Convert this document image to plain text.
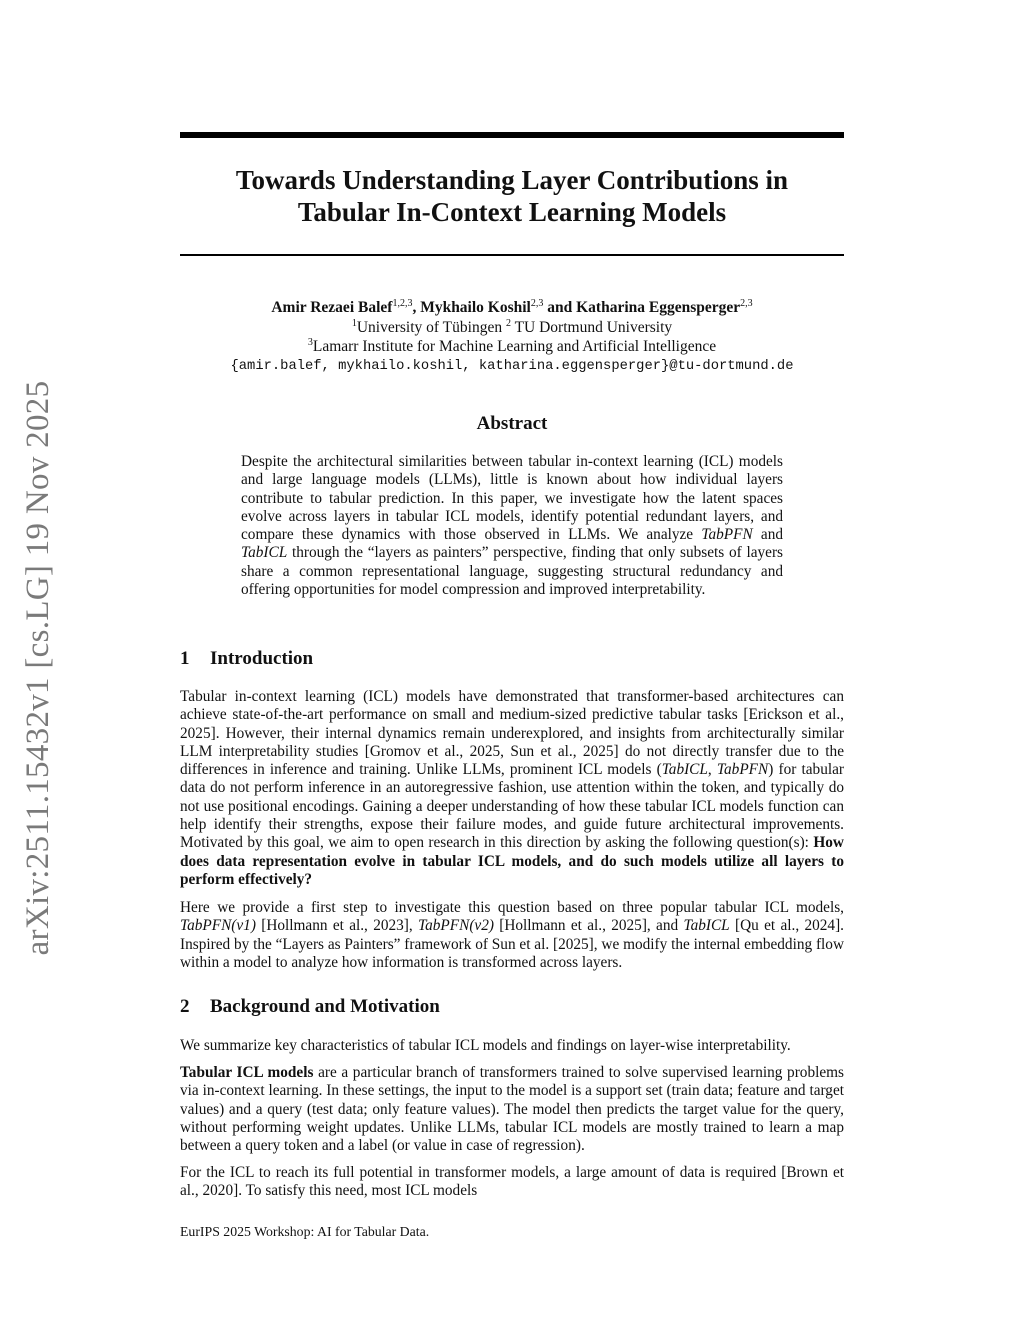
arXiv:2511.15432v1 [cs.LG] 19 Nov 2025
Towards Understanding Layer Contributions in
Tabular In-Context Learning Models
Amir Rezaei Balef$^{1,2,3}$, Mykhailo Koshil$^{2,3}$ and Katharina Eggensperger$^{2,3}$
$^1$University of Tübingen $^2$ TU Dortmund University
$^3$Lamarr Institute for Machine Learning and Artificial Intelligence
{amir.balef, mykhailo.koshil, katharina.eggensperger}@tu-dortmund.de
Abstract

Despite the architectural similarities between tabular in-context learning (ICL) models and large language models (LLMs), little is known about how individual layers contribute to tabular prediction. In this paper, we investigate how the latent spaces evolve across layers in tabular ICL models, identify potential redundant layers, and compare these dynamics with those observed in LLMs. We analyze TabPFN and TabICL through the “layers as painters” perspective, finding that only subsets of layers share a common representational language, suggesting structural redundancy and offering opportunities for model compression and improved interpretability.

1 Introduction

Tabular in-context learning (ICL) models have demonstrated that transformer-based architectures can achieve state-of-the-art performance on small and medium-sized predictive tabular tasks [Erickson et al., 2025]. However, their internal dynamics remain underexplored, and insights from architecturally similar LLM interpretability studies [Gromov et al., 2025, Sun et al., 2025] do not directly transfer due to the differences in inference and training. Unlike LLMs, prominent ICL models (TabICL, TabPFN) for tabular data do not perform inference in an autoregressive fashion, use attention within the token, and typically do not use positional encodings. Gaining a deeper understanding of how these tabular ICL models function can help identify their strengths, expose their failure modes, and guide future architectural improvements. Motivated by this goal, we aim to open research in this direction by asking the following question(s): How does data representation evolve in tabular ICL models, and do such models utilize all layers to perform effectively?

Here we provide a first step to investigate this question based on three popular tabular ICL models, TabPFN(v1) [Hollmann et al., 2023], TabPFN(v2) [Hollmann et al., 2025], and TabICL [Qu et al., 2024]. Inspired by the “Layers as Painters” framework of Sun et al. [2025], we modify the internal embedding flow within a model to analyze how information is transformed across layers.

2 Background and Motivation

We summarize key characteristics of tabular ICL models and findings on layer-wise interpretability.

Tabular ICL models are a particular branch of transformers trained to solve supervised learning problems via in-context learning. In these settings, the input to the model is a support set (train data; feature and target values) and a query (test data; only feature values). The model then predicts the target value for the query, without performing weight updates. Unlike LLMs, tabular ICL models are mostly trained to learn a map between a query token and a label (or value in case of regression).

For the ICL to reach its full potential in transformer models, a large amount of data is required [Brown et al., 2020]. To satisfy this need, most ICL models

EurIPS 2025 Workshop: AI for Tabular Data.
